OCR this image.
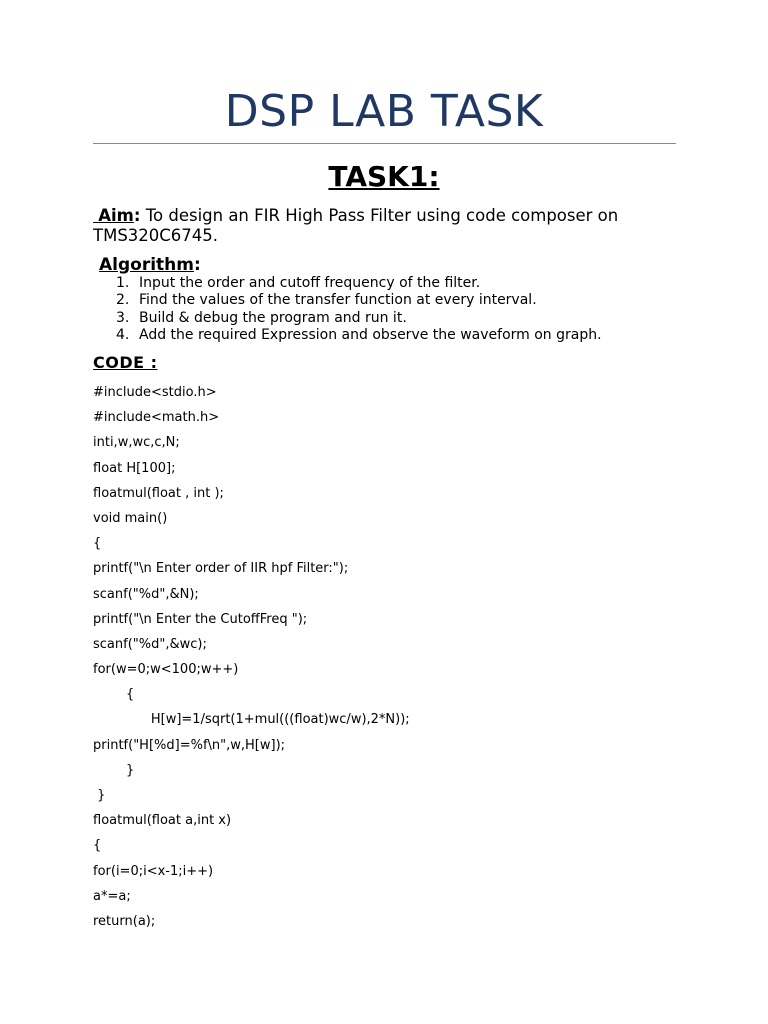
DSP LAB TASK
TASK1:
Aim: To design an FIR High Pass Filter using code composer on TMS320C6745.
Algorithm:
1. Input the order and cutoff frequency of the filter.
2. Find the values of the transfer function at every interval.
3. Build & debug the program and run it.
4. Add the required Expression and observe the waveform on graph.
CODE :
#include<stdio.h>
#include<math.h>
inti,w,wc,c,N;
float H[100];
floatmul(float , int );
void main()
{
printf("\n Enter order of IIR hpf Filter:");
scanf("%d",&N);
printf("\n Enter the CutoffFreq ");
scanf("%d",&wc);
for(w=0;w<100;w++)
{
H[w]=1/sqrt(1+mul(((float)wc/w),2*N));
printf("H[%d]=%f\n",w,H[w]);
}
}
floatmul(float a,int x)
{
for(i=0;i<x-1;i++)
a*=a;
return(a);
